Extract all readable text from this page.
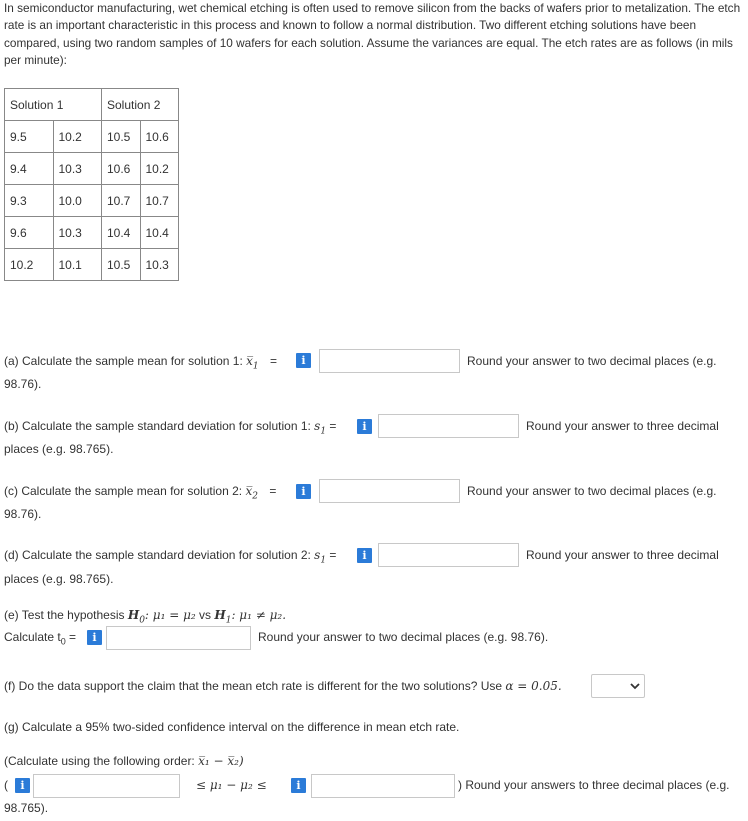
In semiconductor manufacturing, wet chemical etching is often used to remove silicon from the backs of wafers prior to metalization. The etch rate is an important characteristic in this process and known to follow a normal distribution. Two different etching solutions have been compared, using two random samples of 10 wafers for each solution. Assume the variances are equal. The etch rates are as follows (in mils per minute):
Solution 1		Solution 2	
9.5	10.2	10.5	10.6
9.4	10.3	10.6	10.2
9.3	10.0	10.7	10.7
9.6	10.3	10.4	10.4
10.2	10.1	10.5	10.3
(a) Calculate the sample mean for solution 1: $x̅_1$ =	i	Round your answer to two decimal places (e.g.
98.76).
(b) Calculate the sample standard deviation for solution 1: $s_1$ =	i	Round your answer to three decimal
places (e.g. 98.765).
(c) Calculate the sample mean for solution 2: $x̅_2$ =	i	Round your answer to two decimal places (e.g.
98.76).
(d) Calculate the sample standard deviation for solution 2: $s_1$ =	i	Round your answer to three decimal
places (e.g. 98.765).
(e) Test the hypothesis $H_0$: μ₁ = μ₂ vs $H_1$: μ₁ ≠ μ₂.
Calculate $t_0$ =	i	Round your answer to two decimal places (e.g. 98.76).
(f) Do the data support the claim that the mean etch rate is different for the two solutions? Use α = 0.05.
(g) Calculate a 95% two-sided confidence interval on the difference in mean etch rate.
(Calculate using the following order: x̅₁ − x̅₂)
(	i	≤ μ₁ − μ₂ ≤	i	) Round your answers to three decimal places (e.g.
98.765).
